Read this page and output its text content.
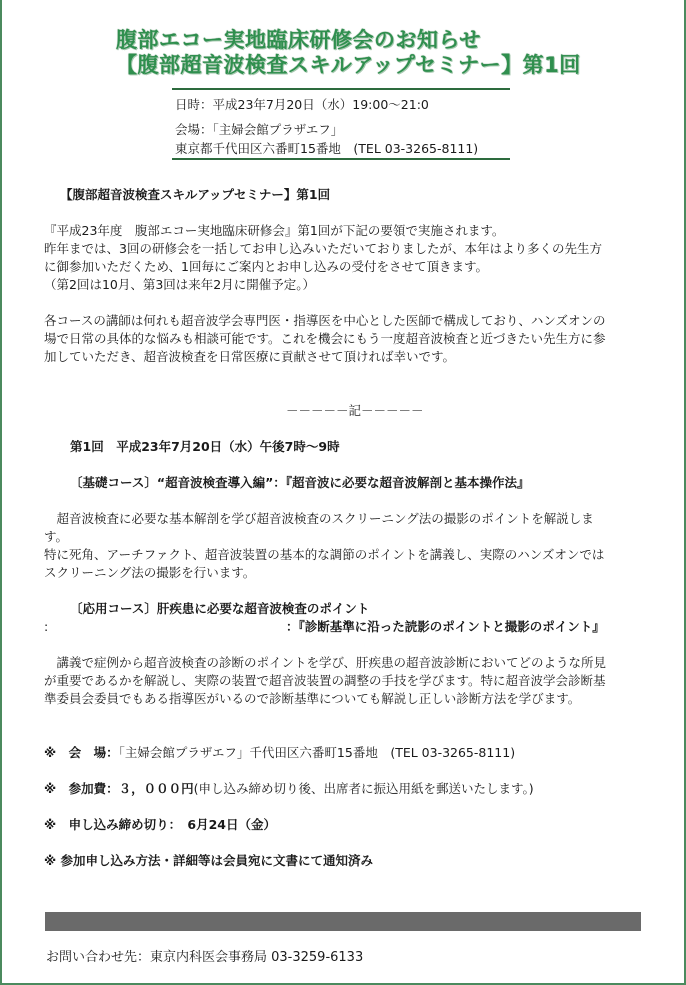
腹部エコー実地臨床研修会のお知らせ
【腹部超音波検査スキルアップセミナー】第1回
日時：平成23年7月20日（水）19:00～21:0
会場：「主婦会館プラザエフ」
東京都千代田区六番町15番地　(TEL 03-3265-8111)
【腹部超音波検査スキルアップセミナー】第1回
『平成23年度　腹部エコー実地臨床研修会』第1回が下記の要領で実施されます。
昨年までは、3回の研修会を一括してお申し込みいただいておりましたが、本年はより多くの先生方
に御参加いただくため、1回毎にご案内とお申し込みの受付をさせて頂きます。
（第2回は10月、第3回は来年2月に開催予定。）
各コースの講師は何れも超音波学会専門医・指導医を中心とした医師で構成しており、ハンズオンの
場で日常の具体的な悩みも相談可能です。これを機会にもう一度超音波検査と近づきたい先生方に参
加していただき、超音波検査を日常医療に貢献させて頂ければ幸いです。
－－－－－記－－－－－
第1回　平成23年7月20日（水）午後7時～9時
〔基礎コース〕“超音波検査導入編”：『超音波に必要な超音波解剖と基本操作法』
　超音波検査に必要な基本解剖を学び超音波検査のスクリーニング法の撮影のポイントを解説しま
す。
特に死角、アーチファクト、超音波装置の基本的な調節のポイントを講義し、実際のハンズオンでは
スクリーニング法の撮影を行います。
〔応用コース〕肝疾患に必要な超音波検査のポイント
:	：『診断基準に沿った読影のポイントと撮影のポイント』
　講義で症例から超音波検査の診断のポイントを学び、肝疾患の超音波診断においてどのような所見
が重要であるかを解説し、実際の装置で超音波装置の調整の手技を学びます。特に超音波学会診断基
準委員会委員でもある指導医がいるので診断基準についても解説し正しい診断方法を学びます。
※　会　場：「主婦会館プラザエフ」千代田区六番町15番地　(TEL 03-3265-8111)
※　参加費：３，０００円(申し込み締め切り後、出席者に振込用紙を郵送いたします。)
※　申し込み締め切り：　6月24日（金）
※ 参加申し込み方法・詳細等は会員宛に文書にて通知済み
お問い合わせ先：東京内科医会事務局 03-3259-6133
